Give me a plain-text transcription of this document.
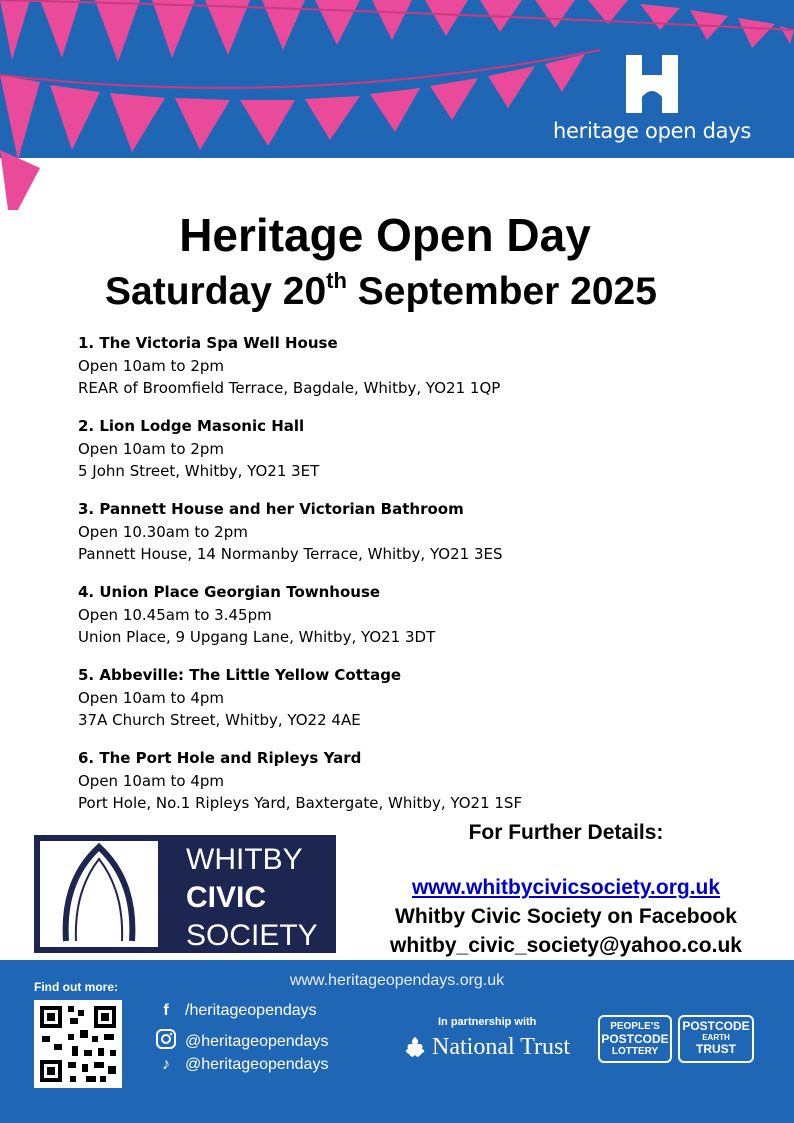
heritage open days
Heritage Open Day
Saturday 20th September 2025
1. The Victoria Spa Well House
Open 10am to 2pm
REAR of Broomfield Terrace, Bagdale, Whitby, YO21 1QP
2. Lion Lodge Masonic Hall
Open 10am to 2pm
5 John Street, Whitby, YO21 3ET
3. Pannett House and her Victorian Bathroom
Open 10.30am to 2pm
Pannett House, 14 Normanby Terrace, Whitby, YO21 3ES
4. Union Place Georgian Townhouse
Open 10.45am to 3.45pm
Union Place, 9 Upgang Lane, Whitby, YO21 3DT
5. Abbeville: The Little Yellow Cottage
Open 10am to 4pm
37A Church Street, Whitby, YO22 4AE
6. The Port Hole and Ripleys Yard
Open 10am to 4pm
Port Hole, No.1 Ripleys Yard, Baxtergate, Whitby, YO21 1SF
WHITBY
CIVIC
SOCIETY
For Further Details:
www.whitbycivicsociety.org.uk
Whitby Civic Society on Facebook
whitby_civic_society@yahoo.co.uk
www.heritageopendays.org.uk
Find out more:
f	/heritageopendays
@heritageopendays
♪ @heritageopendays
In partnership with
National Trust
PEOPLE'S
POSTCODE
LOTTERY
POSTCODE
EARTH
TRUST
